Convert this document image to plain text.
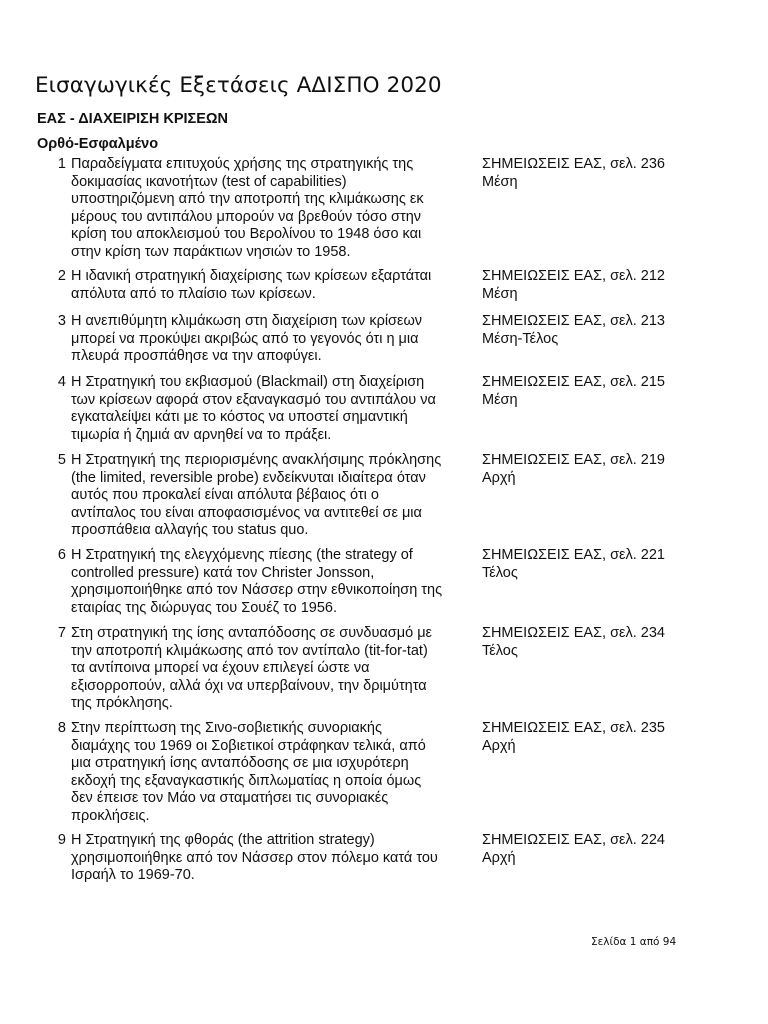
Εισαγωγικές Εξετάσεις ΑΔΙΣΠΟ 2020
ΕΑΣ - ΔΙΑΧΕΙΡΙΣΗ ΚΡΙΣΕΩΝ
Ορθό-Εσφαλμένο
1 Παραδείγματα επιτυχούς χρήσης της στρατηγικής της
δοκιμασίας ικανοτήτων (test of capabilities)
υποστηριζόμενη από την αποτροπή της κλιμάκωσης εκ
μέρους του αντιπάλου μπορούν να βρεθούν τόσο στην
κρίση του αποκλεισμού του Βερολίνου το 1948 όσο και
στην κρίση των παράκτιων νησιών το 1958.
ΣΗΜΕΙΩΣΕΙΣ ΕΑΣ, σελ. 236
Μέση
2 Η ιδανική στρατηγική διαχείρισης των κρίσεων εξαρτάται
απόλυτα από το πλαίσιο των κρίσεων.
ΣΗΜΕΙΩΣΕΙΣ ΕΑΣ, σελ. 212
Μέση
3 Η ανεπιθύμητη κλιμάκωση στη διαχείριση των κρίσεων
μπορεί να προκύψει ακριβώς από το γεγονός ότι η μια
πλευρά προσπάθησε να την αποφύγει.
ΣΗΜΕΙΩΣΕΙΣ ΕΑΣ, σελ. 213
Μέση-Τέλος
4 Η Στρατηγική του εκβιασμού (Blackmail) στη διαχείριση
των κρίσεων αφορά στον εξαναγκασμό του αντιπάλου να
εγκαταλείψει κάτι με το κόστος να υποστεί σημαντική
τιμωρία ή ζημιά αν αρνηθεί να το πράξει.
ΣΗΜΕΙΩΣΕΙΣ ΕΑΣ, σελ. 215
Μέση
5 Η Στρατηγική της περιορισμένης ανακλήσιμης πρόκλησης
(the limited, reversible probe) ενδείκνυται ιδιαίτερα όταν
αυτός που προκαλεί είναι απόλυτα βέβαιος ότι ο
αντίπαλος του είναι αποφασισμένος να αντιτεθεί σε μια
προσπάθεια αλλαγής του status quo.
ΣΗΜΕΙΩΣΕΙΣ ΕΑΣ, σελ. 219
Αρχή
6 Η Στρατηγική της ελεγχόμενης πίεσης (the strategy of
controlled pressure) κατά τον Christer Jonsson,
χρησιμοποιήθηκε από τον Νάσσερ στην εθνικοποίηση της
εταιρίας της διώρυγας του Σουέζ το 1956.
ΣΗΜΕΙΩΣΕΙΣ ΕΑΣ, σελ. 221
Τέλος
7 Στη στρατηγική της ίσης ανταπόδοσης σε συνδυασμό με
την αποτροπή κλιμάκωσης από τον αντίπαλο (tit-for-tat)
τα αντίποινα μπορεί να έχουν επιλεγεί ώστε να
εξισορροπούν, αλλά όχι να υπερβαίνουν, την δριμύτητα
της πρόκλησης.
ΣΗΜΕΙΩΣΕΙΣ ΕΑΣ, σελ. 234
Τέλος
8 Στην περίπτωση της Σινο-σοβιετικής συνοριακής
διαμάχης του 1969 οι Σοβιετικοί στράφηκαν τελικά, από
μια στρατηγική ίσης ανταπόδοσης σε μια ισχυρότερη
εκδοχή της εξαναγκαστικής διπλωματίας η οποία όμως
δεν έπεισε τον Μάο να σταματήσει τις συνοριακές
προκλήσεις.
ΣΗΜΕΙΩΣΕΙΣ ΕΑΣ, σελ. 235
Αρχή
9 Η Στρατηγική της φθοράς (the attrition strategy)
χρησιμοποιήθηκε από τον Νάσσερ στον πόλεμο κατά του
Ισραήλ το 1969-70.
ΣΗΜΕΙΩΣΕΙΣ ΕΑΣ, σελ. 224
Αρχή
Σελίδα 1 από 94
